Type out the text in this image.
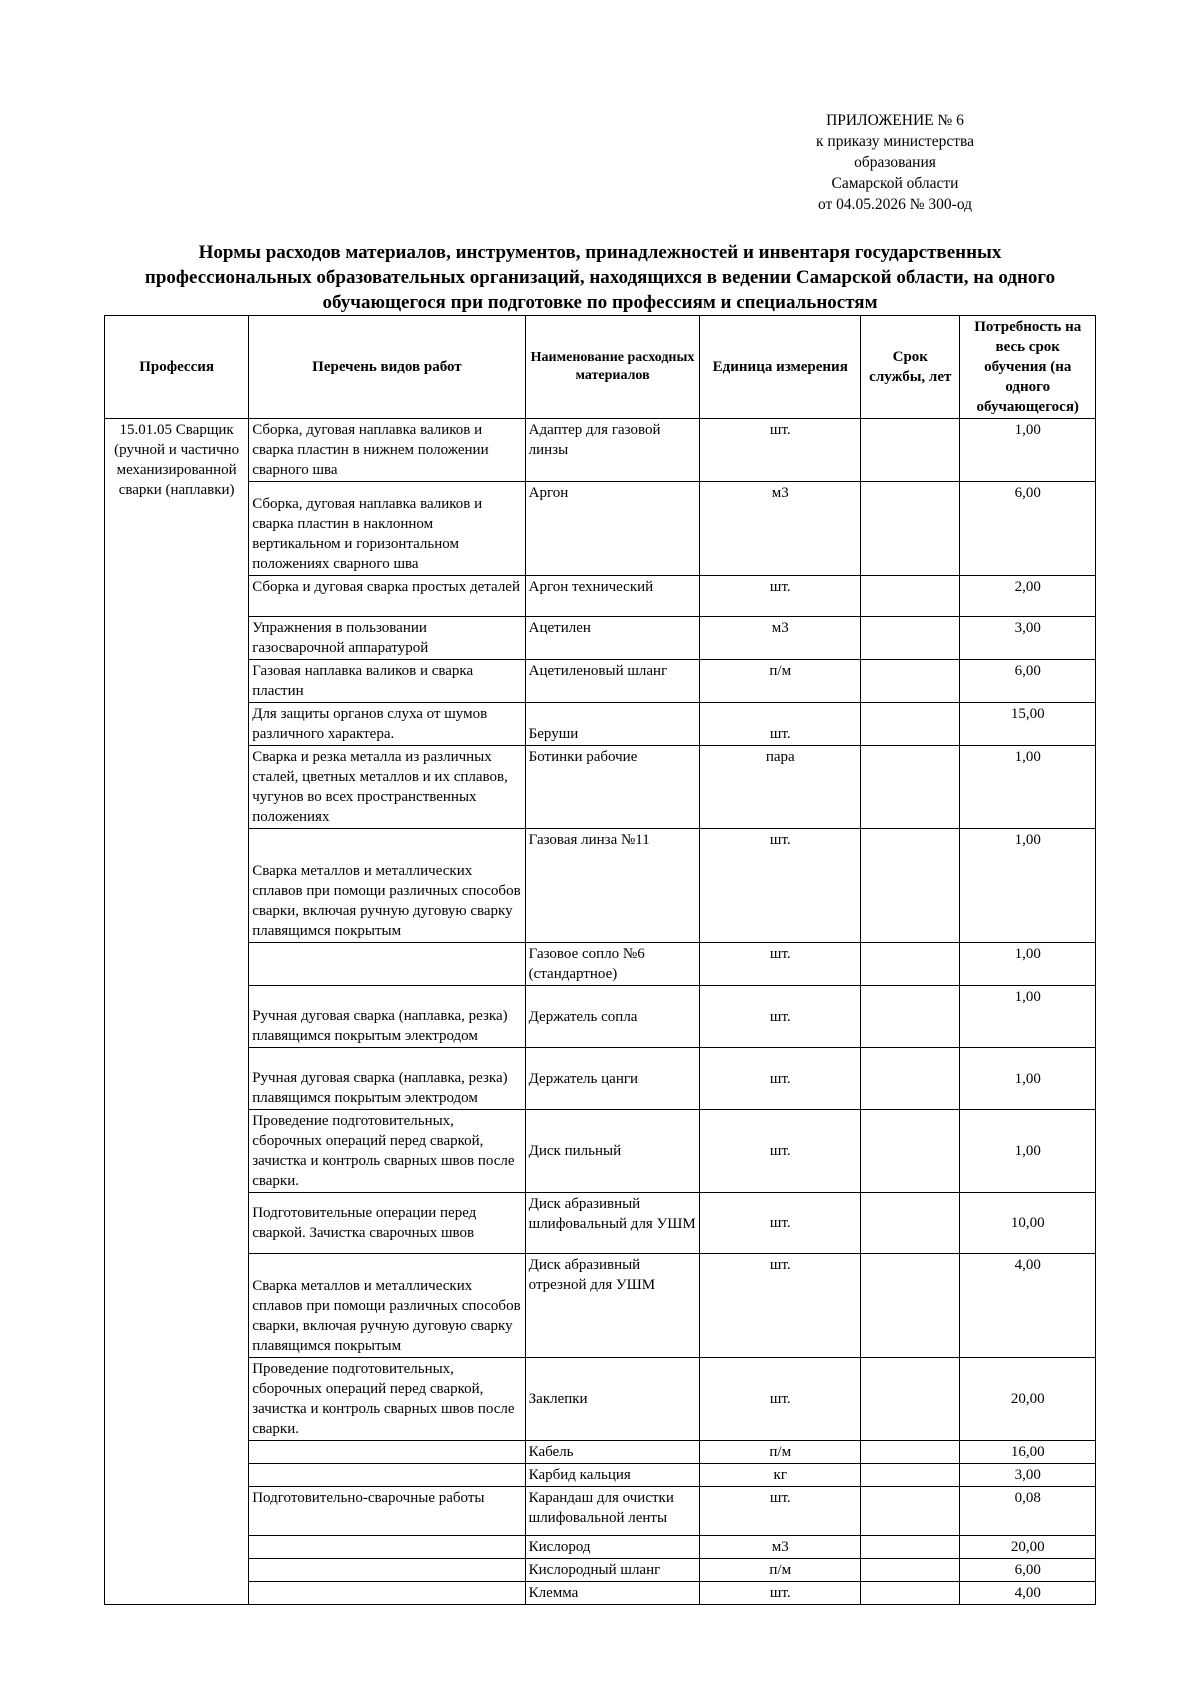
ПРИЛОЖЕНИЕ № 6
к приказу министерства
образования
Самарской области
от 04.05.2026 № 300-од
Нормы расходов материалов, инструментов, принадлежностей и инвентаря государственных
профессиональных образовательных организаций, находящихся в ведении Самарской области, на одного
обучающегося при подготовке по профессиям и специальностям
Профессия	Перечень видов работ	Наименование расходных материалов	Единица измерения	Срок службы, лет	Потребность на весь срок обучения (на одного обучающегося)
15.01.05 Сварщик (ручной и частично механизированной сварки (наплавки)	Сборка, дуговая наплавка валиков и сварка пластин в нижнем положении сварного шва	Адаптер для газовой линзы	шт.		1,00
	Сборка, дуговая наплавка валиков и сварка пластин в наклонном вертикальном и горизонтальном положениях сварного шва	Аргон	м3		6,00
	Сборка и дуговая сварка простых деталей	Аргон технический	шт.		2,00
	Упражнения в пользовании газосварочной аппаратурой	Ацетилен	м3		3,00
	Газовая наплавка валиков и сварка пластин	Ацетиленовый шланг	п/м		6,00
	Для защиты органов слуха от шумов различного характера.	Беруши	шт.		15,00
	Сварка и резка металла из различных сталей, цветных металлов и их сплавов, чугунов во всех пространственных положениях	Ботинки рабочие	пара		1,00
	Сварка металлов и металлических сплавов при помощи различных способов сварки, включая ручную дуговую сварку плавящимся покрытым	Газовая линза №11	шт.		1,00
		Газовое сопло №6 (стандартное)	шт.		1,00
	Ручная дуговая сварка (наплавка, резка) плавящимся покрытым электродом	Держатель сопла	шт.		1,00
	Ручная дуговая сварка (наплавка, резка) плавящимся покрытым электродом	Держатель цанги	шт.		1,00
	Проведение подготовительных, сборочных операций перед сваркой, зачистка и контроль сварных швов после сварки.	Диск пильный	шт.		1,00
	Подготовительные операции перед сваркой. Зачистка сварочных швов	Диск абразивный шлифовальный для УШМ	шт.		10,00
	Сварка металлов и металлических сплавов при помощи различных способов сварки, включая ручную дуговую сварку плавящимся покрытым	Диск абразивный отрезной для УШМ	шт.		4,00
	Проведение подготовительных, сборочных операций перед сваркой, зачистка и контроль сварных швов после сварки.	Заклепки	шт.		20,00
		Кабель	п/м		16,00
		Карбид кальция	кг		3,00
	Подготовительно-сварочные работы	Карандаш для очистки шлифовальной ленты	шт.		0,08
		Кислород	м3		20,00
		Кислородный шланг	п/м		6,00
		Клемма	шт.		4,00
